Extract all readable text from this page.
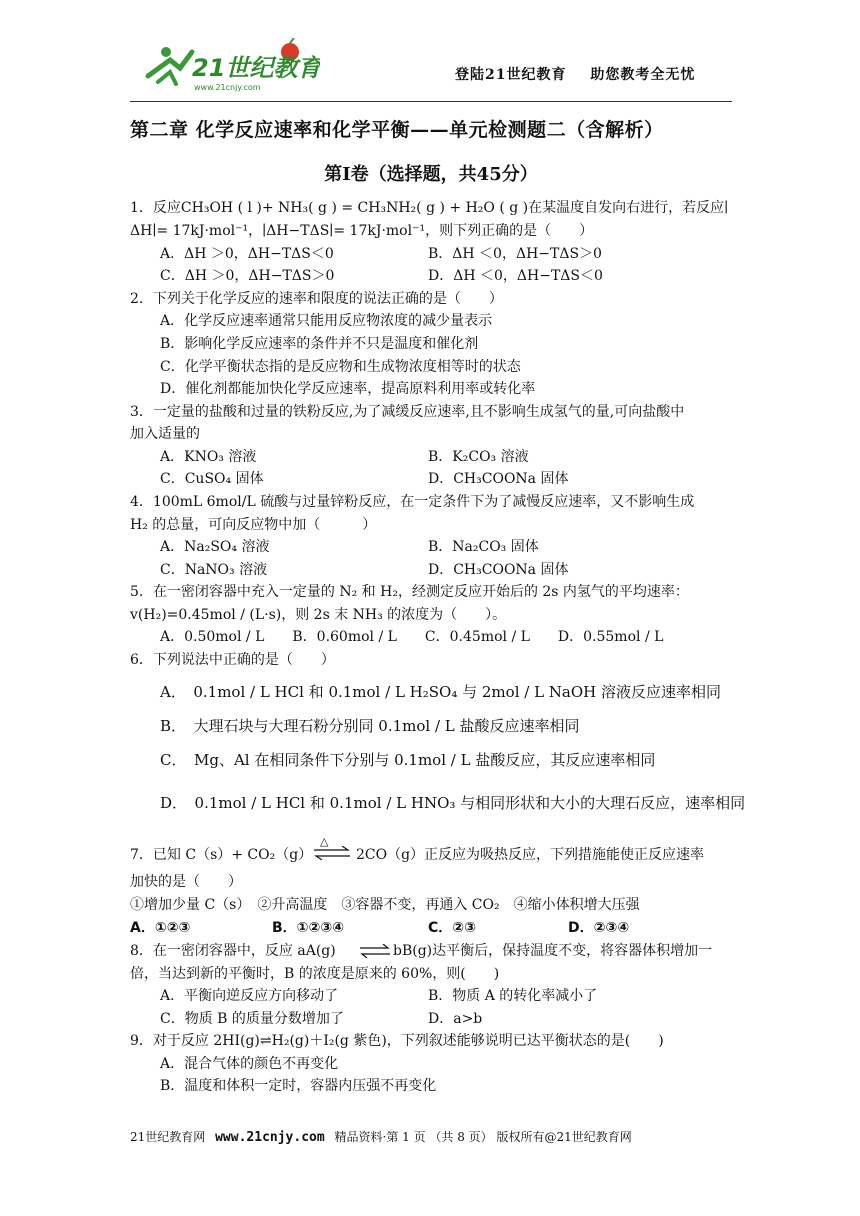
21世纪教育
www.21cnjy.com
登陆21世纪教育 助您教考全无忧
第二章 化学反应速率和化学平衡——单元检测题二（含解析）
第Ⅰ卷（选择题，共45分）
1．反应CH₃OH ( l )+ NH₃( g ) = CH₃NH₂( g ) + H₂O ( g )在某温度自发向右进行，若反应∣
ΔH∣= 17kJ·mol⁻¹，∣ΔH−TΔS∣= 17kJ·mol⁻¹，则下列正确的是（　　）
A．ΔH ＞0，ΔH−TΔS＜0	B．ΔH ＜0，ΔH−TΔS＞0
C．ΔH ＞0，ΔH−TΔS＞0	D．ΔH ＜0，ΔH−TΔS＜0
2．下列关于化学反应的速率和限度的说法正确的是（　　）
A．化学反应速率通常只能用反应物浓度的减少量表示
B．影响化学反应速率的条件并不只是温度和催化剂
C．化学平衡状态指的是反应物和生成物浓度相等时的状态
D．催化剂都能加快化学反应速率，提高原料利用率或转化率
3．一定量的盐酸和过量的铁粉反应,为了减缓反应速率,且不影响生成氢气的量,可向盐酸中
加入适量的
A．KNO₃ 溶液	B．K₂CO₃ 溶液
C．CuSO₄ 固体	D．CH₃COONa 固体
4．100mL 6mol/L 硫酸与过量锌粉反应，在一定条件下为了减慢反应速率，又不影响生成
H₂ 的总量，可向反应物中加（　　　）
A．Na₂SO₄ 溶液	B．Na₂CO₃ 固体
C．NaNO₃ 溶液	D．CH₃COONa 固体
5．在一密闭容器中充入一定量的 N₂ 和 H₂，经测定反应开始后的 2s 内氢气的平均速率：
v(H₂)=0.45mol / (L·s)，则 2s 末 NH₃ 的浓度为（　　）。
A．0.50mol / L　　B．0.60mol / L　　C．0.45mol / L　　D．0.55mol / L
6．下列说法中正确的是（　　）
A．　0.1mol / L HCl 和 0.1mol / L H₂SO₄ 与 2mol / L NaOH 溶液反应速率相同
B．　大理石块与大理石粉分别同 0.1mol / L 盐酸反应速率相同
C．　Mg、Al 在相同条件下分别与 0.1mol / L 盐酸反应，其反应速率相同
D．　0.1mol / L HCl 和 0.1mol / L HNO₃ 与相同形状和大小的大理石反应，速率相同
7．已知 C（s）+ CO₂（g）
△
⇌ 2CO（g）正反应为吸热反应，下列措施能使正反应速率
加快的是（　　）
①增加少量 C（s）　②升高温度　③容器不变，再通入 CO₂　④缩小体积增大压强
A．①②③	B．①②③④	C．②③	D．②③④
8．在一密闭容器中，反应 aA(g) ⇌ bB(g)达平衡后，保持温度不变，将容器体积增加一
倍，当达到新的平衡时，B 的浓度是原来的 60%，则(　　)
A．平衡向逆反应方向移动了	B．物质 A 的转化率减小了
C．物质 B 的质量分数增加了	D．a>b
9．对于反应 2HI(g)⇌H₂(g)＋I₂(g 紫色)，下列叙述能够说明已达平衡状态的是(　　)
A．混合气体的颜色不再变化
B．温度和体积一定时，容器内压强不再变化
21世纪教育网 www.21cnjy.com 精品资料·第 1 页 （共 8 页） 版权所有@21世纪教育网
